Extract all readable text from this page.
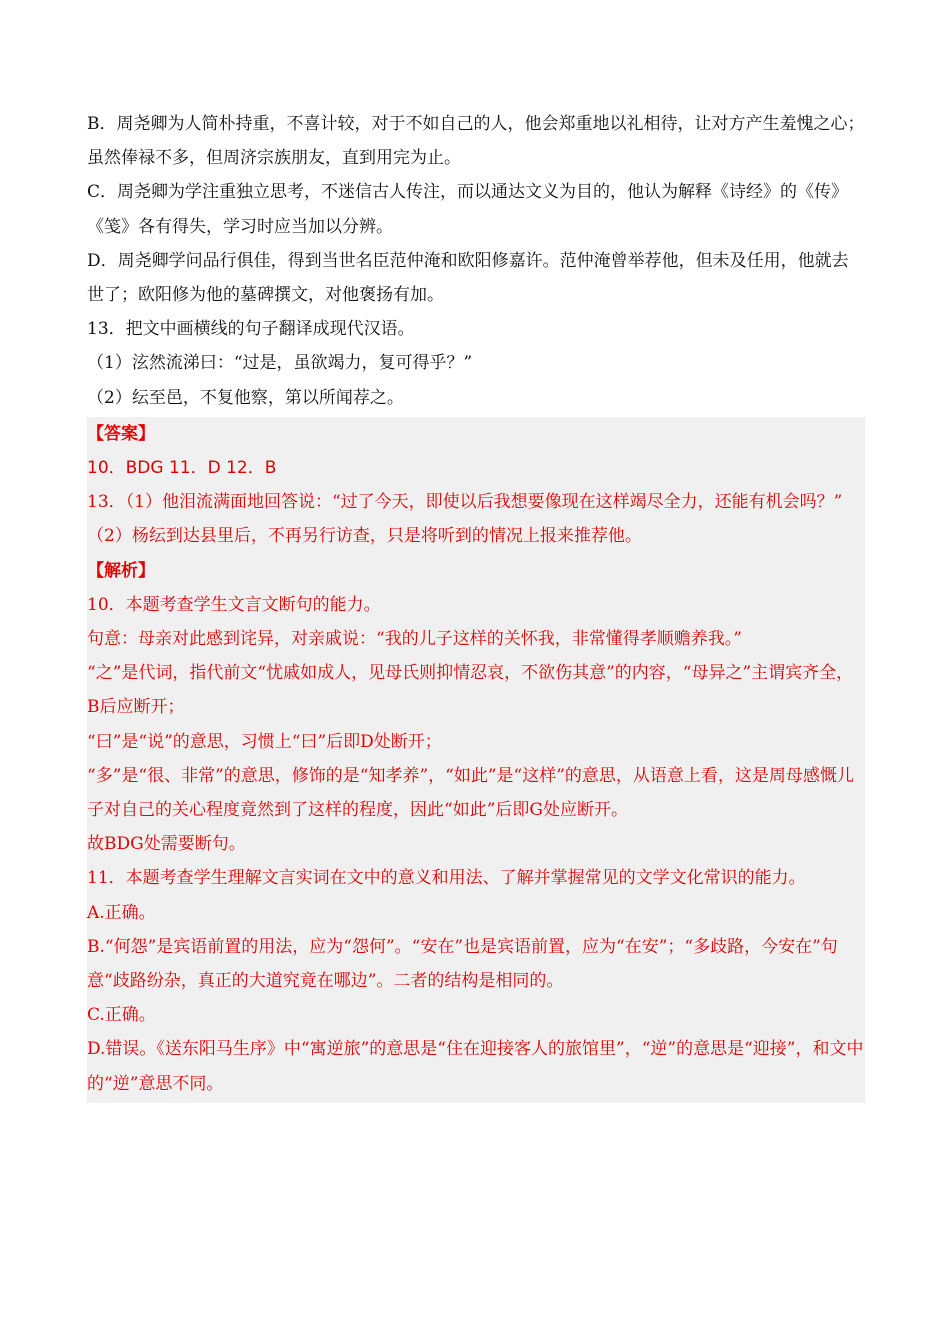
B．周尧卿为人简朴持重，不喜计较，对于不如自己的人，他会郑重地以礼相待，让对方产生羞愧之心；虽然俸禄不多，但周济宗族朋友，直到用完为止。
C．周尧卿为学注重独立思考，不迷信古人传注，而以通达文义为目的，他认为解释《诗经》的《传》《笺》各有得失，学习时应当加以分辨。
D．周尧卿学问品行俱佳，得到当世名臣范仲淹和欧阳修嘉许。范仲淹曾举荐他，但未及任用，他就去世了；欧阳修为他的墓碑撰文，对他褒扬有加。
13．把文中画横线的句子翻译成现代汉语。
（1）泫然流涕曰：“过是，虽欲竭力，复可得乎？”
（2）纭至邑，不复他察，第以所闻荐之。
【答案】
10．BDG 11．D 12．B
13．（1）他泪流满面地回答说：“过了今天，即使以后我想要像现在这样竭尽全力，还能有机会吗？”
（2）杨纭到达县里后，不再另行访查，只是将听到的情况上报来推荐他。
【解析】
10．本题考查学生文言文断句的能力。
句意：母亲对此感到诧异，对亲戚说：“我的儿子这样的关怀我，非常懂得孝顺赡养我。”
“之”是代词，指代前文“忧戚如成人，见母氏则抑情忍哀，不欲伤其意”的内容，“母异之”主谓宾齐全，B后应断开；
“曰”是“说”的意思，习惯上“曰”后即D处断开；
“多”是“很、非常”的意思，修饰的是“知孝养”，“如此”是“这样”的意思，从语意上看，这是周母感慨儿子对自己的关心程度竟然到了这样的程度，因此“如此”后即G处应断开。
故BDG处需要断句。
11．本题考查学生理解文言实词在文中的意义和用法、了解并掌握常见的文学文化常识的能力。
A.正确。
B.“何怨”是宾语前置的用法，应为“怨何”。“安在”也是宾语前置，应为“在安”；“多歧路，今安在”句意“歧路纷杂，真正的大道究竟在哪边”。二者的结构是相同的。
C.正确。
D.错误。《送东阳马生序》中“寓逆旅”的意思是“住在迎接客人的旅馆里”，“逆”的意思是“迎接”，和文中的“逆”意思不同。
